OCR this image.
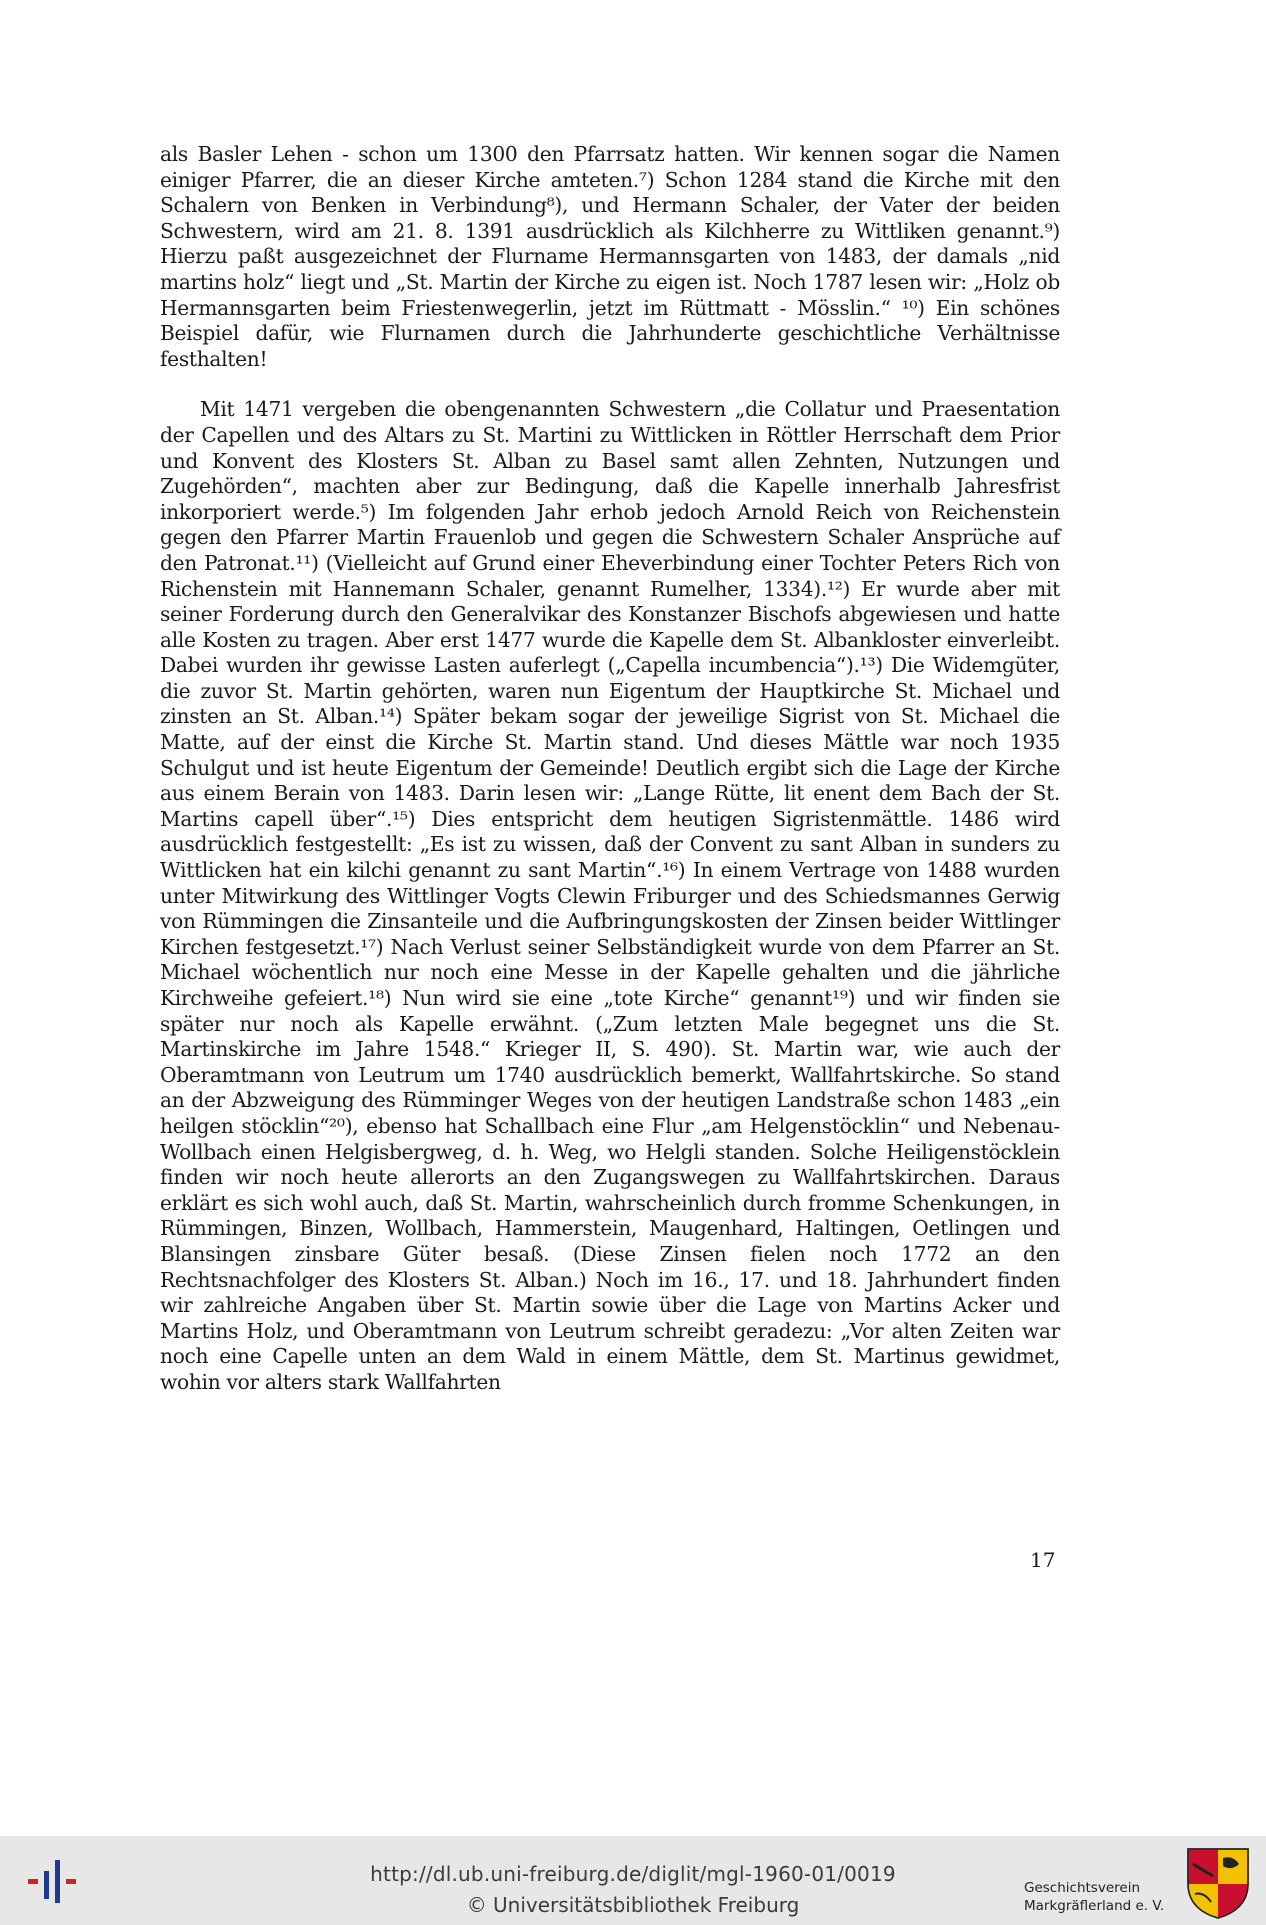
als Basler Lehen - schon um 1300 den Pfarrsatz hatten. Wir kennen sogar die Namen einiger Pfarrer, die an dieser Kirche amteten.⁷) Schon 1284 stand die Kirche mit den Schalern von Benken in Verbindung⁸), und Hermann Schaler, der Vater der beiden Schwestern, wird am 21. 8. 1391 ausdrücklich als Kilchherre zu Wittliken genannt.⁹) Hierzu paßt ausgezeichnet der Flurname Hermannsgarten von 1483, der damals „nid martins holz“ liegt und „St. Martin der Kirche zu eigen ist. Noch 1787 lesen wir: „Holz ob Hermannsgarten beim Friestenwegerlin, jetzt im Rüttmatt - Mösslin.“ ¹⁰) Ein schönes Beispiel dafür, wie Flurnamen durch die Jahrhunderte geschichtliche Verhältnisse festhalten!

Mit 1471 vergeben die obengenannten Schwestern „die Collatur und Praesentation der Capellen und des Altars zu St. Martini zu Wittlicken in Röttler Herrschaft dem Prior und Konvent des Klosters St. Alban zu Basel samt allen Zehnten, Nutzungen und Zugehörden“, machten aber zur Bedingung, daß die Kapelle innerhalb Jahresfrist inkorporiert werde.⁵) Im folgenden Jahr erhob jedoch Arnold Reich von Reichenstein gegen den Pfarrer Martin Frauenlob und gegen die Schwestern Schaler Ansprüche auf den Patronat.¹¹) (Vielleicht auf Grund einer Eheverbindung einer Tochter Peters Rich von Richenstein mit Hannemann Schaler, genannt Rumelher, 1334).¹²) Er wurde aber mit seiner Forderung durch den Generalvikar des Konstanzer Bischofs abgewiesen und hatte alle Kosten zu tragen. Aber erst 1477 wurde die Kapelle dem St. Albankloster einverleibt. Dabei wurden ihr gewisse Lasten auferlegt („Capella incumbencia“).¹³) Die Widemgüter, die zuvor St. Martin gehörten, waren nun Eigentum der Hauptkirche St. Michael und zinsten an St. Alban.¹⁴) Später bekam sogar der jeweilige Sigrist von St. Michael die Matte, auf der einst die Kirche St. Martin stand. Und dieses Mättle war noch 1935 Schulgut und ist heute Eigentum der Gemeinde! Deutlich ergibt sich die Lage der Kirche aus einem Berain von 1483. Darin lesen wir: „Lange Rütte, lit enent dem Bach der St. Martins capell über“.¹⁵) Dies entspricht dem heutigen Sigristenmättle. 1486 wird ausdrücklich festgestellt: „Es ist zu wissen, daß der Convent zu sant Alban in sunders zu Wittlicken hat ein kilchi genannt zu sant Martin“.¹⁶) In einem Vertrage von 1488 wurden unter Mitwirkung des Wittlinger Vogts Clewin Friburger und des Schiedsmannes Gerwig von Rümmingen die Zinsanteile und die Aufbringungskosten der Zinsen beider Wittlinger Kirchen festgesetzt.¹⁷) Nach Verlust seiner Selbständigkeit wurde von dem Pfarrer an St. Michael wöchentlich nur noch eine Messe in der Kapelle gehalten und die jährliche Kirchweihe gefeiert.¹⁸) Nun wird sie eine „tote Kirche“ genannt¹⁹) und wir finden sie später nur noch als Kapelle erwähnt. („Zum letzten Male begegnet uns die St. Martinskirche im Jahre 1548.“ Krieger II, S. 490). St. Martin war, wie auch der Oberamtmann von Leutrum um 1740 ausdrücklich bemerkt, Wallfahrtskirche. So stand an der Abzweigung des Rümminger Weges von der heutigen Landstraße schon 1483 „ein heilgen stöcklin“²⁰), ebenso hat Schallbach eine Flur „am Helgenstöcklin“ und Nebenau-Wollbach einen Helgisbergweg, d. h. Weg, wo Helgli standen. Solche Heiligenstöcklein finden wir noch heute allerorts an den Zugangswegen zu Wallfahrtskirchen. Daraus erklärt es sich wohl auch, daß St. Martin, wahrscheinlich durch fromme Schenkungen, in Rümmingen, Binzen, Wollbach, Hammerstein, Maugenhard, Haltingen, Oetlingen und Blansingen zinsbare Güter besaß. (Diese Zinsen fielen noch 1772 an den Rechtsnachfolger des Klosters St. Alban.) Noch im 16., 17. und 18. Jahrhundert finden wir zahlreiche Angaben über St. Martin sowie über die Lage von Martins Acker und Martins Holz, und Oberamtmann von Leutrum schreibt geradezu: „Vor alten Zeiten war noch eine Capelle unten an dem Wald in einem Mättle, dem St. Martinus gewidmet, wohin vor alters stark Wallfahrten

17
http://dl.ub.uni-freiburg.de/diglit/mgl-1960-01/0019
© Universitätsbibliothek Freiburg
Geschichtsverein
Markgräflerland e. V.
